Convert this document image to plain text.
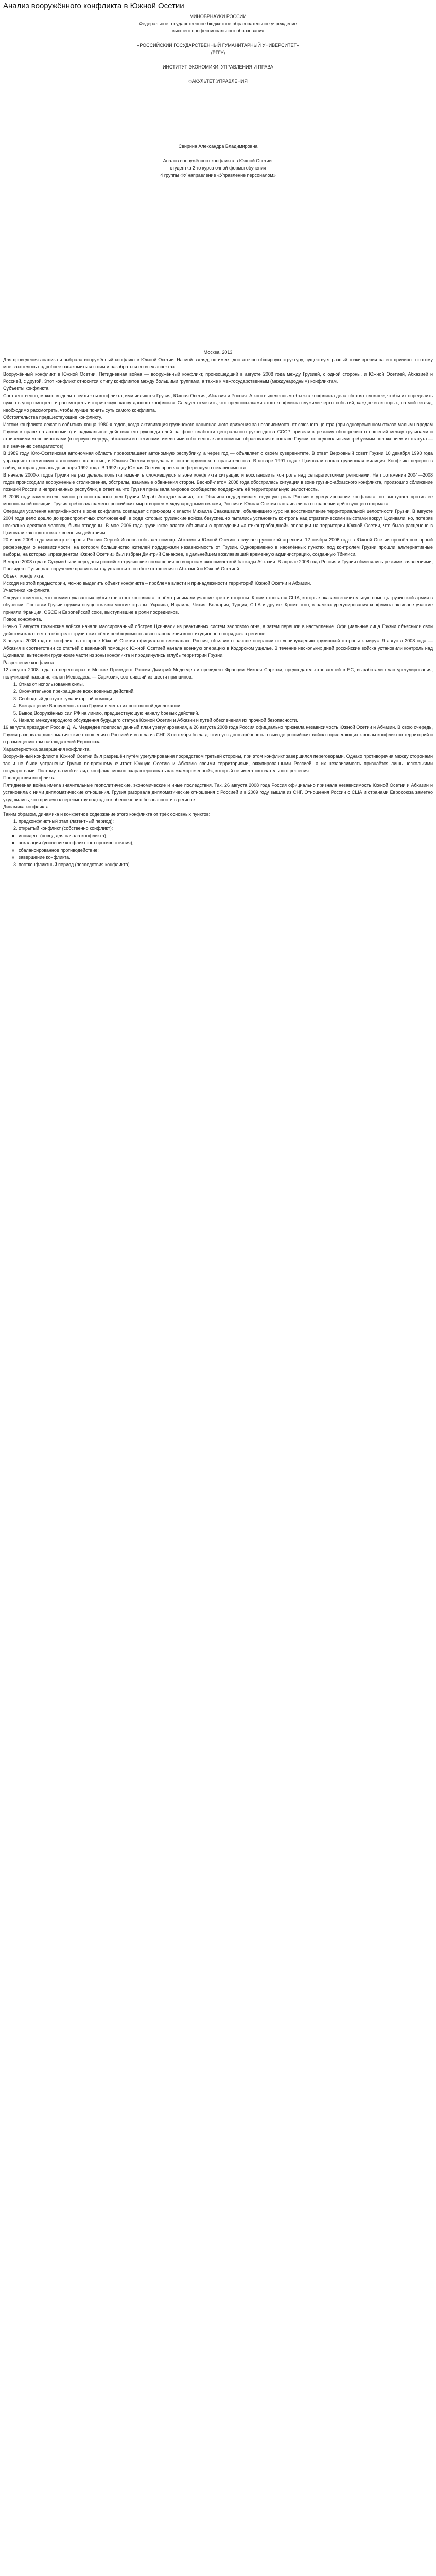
Анализ вооружённого конфликта в Южной Осетии
МИНОБРНАУКИ РОССИИ
Федеральное государственное бюджетное образовательное учреждение
высшего профессионального образования
«РОССИЙСКИЙ ГОСУДАРСТВЕННЫЙ ГУМАНИТАРНЫЙ УНИВЕРСИТЕТ»
(РГГУ)
ИНСТИТУТ ЭКОНОМИКИ, УПРАВЛЕНИЯ И ПРАВА
ФАКУЛЬТЕТ УПРАВЛЕНИЯ
Свирина Александра Владимировна
Анализ вооружённого конфликта в Южной Осетии.
студентка 2-го курса очной формы обучения
4 группы ФУ направление «Управление персоналом»
Москва, 2013

Для проведения анализа я выбрала вооружённый конфликт в Южной Осетии. На мой взгляд, он имеет достаточно обширную структуру, существует разный точки зрения на его причины, поэтому мне захотелось подробнее ознакомиться с ним и разобраться во всех аспектах.

Вооружённый конфликт в Южной Осетии. Петидневная война — вооружённый конфликт, произошедший в августе 2008 года между Грузией, с одной стороны, и Южной Осетией, Абхазией и Россией, с другой. Этот конфликт относится к типу конфликтов между большими группами, а также к межгосударственным (международным) конфликтам.

Субъекты конфликта.

Соответственно, можно выделить субъекты конфликта, ими являются Грузия, Южная Осетия, Абхазия и Россия. А кого выделенным объекта конфликта дела обстоят сложнее, чтобы их определить нужно в упор смотреть и рассмотреть историческую канву данного конфликта. Следует отметить, что предпосылками этого конфликта служили черты событий, каждое из которых, на мой взгляд, необходимо рассмотреть, чтобы лучше понять суть самого конфликта.

Обстоятельства предшествующие конфликту.

Истоки конфликта лежат в событиях конца 1980-х годов, когда активизация грузинского национального движения за независимость от союзного центра (при одновременном отказе малым народам Грузии в праве на автономию) и радикальные действия его руководителей на фоне слабости центрального руководства СССР привели к резкому обострению отношений между грузинами и этническими меньшинствами (в первую очередь, абхазами и осетинами, имевшими собственные автономные образования в составе Грузии, но недовольными требуемым положением их статута — в и значению сепаратистов).

В 1989 году Юго-Осетинская автономная область провозглашает автономную республику, а через год — объявляет о своём суверенитете. В ответ Верховный совет Грузии 10 декабря 1990 года упраздняет осетинскую автономию полностью, и Южная Осетия вернулась в состав грузинского правительства. В январе 1991 года к Цхинвали вошла грузинская милиция. Конфликт перерос в войну, которая длилась до января 1992 года. В 1992 году Южная Осетия провела референдум о независимости.

В начале 2000-х годов Грузия не раз делала попытки изменить сложившуюся в зоне конфликта ситуацию и восстановить контроль над сепаратистскими регионами. На протяжении 2004—2008 годов происходили вооружённые столкновения, обстрелы, взаимные обвинения сторон. Весной-летом 2008 года обострилась ситуация в зоне грузино-абхазского конфликта, произошло сближение позиций России и непризнанных республик, в ответ на что Грузия призывала мировое сообщество поддержать её территориальную целостность.

В 2006 году заместитель министра иностранных дел Грузии Мераб Антадзе заявил, что Тбилиси поддерживает ведущую роль России в урегулировании конфликта, но выступает против её монопольной позиции. Грузия требовала замены российских миротворцев международными силами, Россия и Южная Осетия настаивали на сохранении действующего формата.

Операция усиления напряжённости в зоне конфликта совпадает с приходом к власти Михаила Саакашвили, объявившего курс на восстановление территориальной целостности Грузии. В августе 2004 года дело дошло до кровопролитных столкновений, в ходе которых грузинские войска безуспешно пытались установить контроль над стратегическими высотами вокруг Цхинвали, но, потеряв несколько десятков человек, были отведены. В мае 2006 года грузинское власти объявили о проведении «антиконтрабандной» операции на территории Южной Осетии, что было расценено в Цхинвали как подготовка к военным действиям.

20 июля 2008 года министр обороны России Сергей Иванов побывал помощь Абхазии и Южной Осетии в случае грузинской агрессии. 12 ноября 2006 года в Южной Осетии прошёл повторный референдум о независимости, на котором большинство жителей поддержали независимость от Грузии. Одновременно в населённых пунктах под контролем Грузии прошли альтернативные выборы, на которых «президентом Южной Осетии» был избран Дмитрий Санакоев, в дальнейшем возглавивший временную администрацию, созданную Тбилиси.

В марте 2008 года в Сухуми были переданы российско-грузинские соглашения по вопросам экономической блокады Абхазии. В апреле 2008 года Россия и Грузия обменялись резкими заявлениями; Президент Путин дал поручение правительству установить особые отношения с Абхазией и Южной Осетией.

Объект конфликта.

Исходя из этой предыстории, можно выделить объект конфликта – проблема власти и принадлежности территорий Южной Осетии и Абхазии.

Участники конфликта.

Следует отметить, что помимо указанных субъектов этого конфликта, в нём принимали участие третьи стороны. К ним относятся США, которые оказали значительную помощь грузинской армии в обучении. Поставки Грузии оружия осуществляли многие страны: Украина, Израиль, Чехия, Болгария, Турция, США и другие. Кроме того, в рамках урегулирования конфликта активное участие приняли Франция, ОБСЕ и Европейский союз, выступившие в роли посредников.

Повод конфликта.

Ночью 7 августа грузинские войска начали массированный обстрел Цхинвали из реактивных систем залпового огня, а затем перешли в наступление. Официальные лица Грузии объяснили свои действия как ответ на обстрелы грузинских сёл и необходимость «восстановления конституционного порядка» в регионе.

8 августа 2008 года в конфликт на стороне Южной Осетии официально вмешалась Россия, объявив о начале операции по «принуждению грузинской стороны к миру». 9 августа 2008 года — Абхазия в соответствии со статьёй о взаимной помощи с Южной Осетией начала военную операцию в Кодорском ущелье. В течение нескольких дней российские войска установили контроль над Цхинвали, вытеснили грузинские части из зоны конфликта и продвинулись вглубь территории Грузии.

Разрешение конфликта.

12 августа 2008 года на переговорах в Москве Президент России Дмитрий Медведев и президент Франции Николя Саркози, председательствовавшей в ЕС, выработали план урегулирования, получивший название «план Медведева — Саркози», состоявший из шести принципов:

1. Отказ от использования силы.
2. Окончательное прекращение всех военных действий.
3. Свободный доступ к гуманитарной помощи.
4. Возвращение Вооружённых сил Грузии в места их постоянной дислокации.
5. Вывод Вооружённых сил РФ на линию, предшествующую началу боевых действий.
6. Начало международного обсуждения будущего статуса Южной Осетии и Абхазии и путей обеспечения их прочной безопасности.

16 августа президент России Д. А. Медведев подписал данный план урегулирования, а 26 августа 2008 года Россия официально признала независимость Южной Осетии и Абхазии. В свою очередь, Грузия разорвала дипломатические отношения с Россией и вышла из СНГ. 8 сентября была достигнута договорённость о выводе российских войск с прилегающих к зонам конфликтов территорий и о размещении там наблюдателей Евросоюза.

Характеристика завершения конфликта.

Вооружённый конфликт в Южной Осетии был разрешён путём урегулирования посредством третьей стороны, при этом конфликт завершился переговорами. Однако противоречия между сторонами так и не были устранены: Грузия по-прежнему считает Южную Осетию и Абхазию своими территориями, оккупированными Россией, а их независимость признаётся лишь несколькими государствами. Поэтому, на мой взгляд, конфликт можно охарактеризовать как «замороженный», который не имеет окончательного решения.

Последствия конфликта.

Пятидневная война имела значительные геополитические, экономические и иные последствия. Так, 26 августа 2008 года Россия официально признала независимость Южной Осетии и Абхазии и установила с ними дипломатические отношения. Грузия разорвала дипломатические отношения с Россией и в 2009 году вышла из СНГ. Отношения России с США и странами Евросоюза заметно ухудшились, что привело к пересмотру подходов к обеспечению безопасности в регионе.

Динамика конфликта.

Таким образом, динамика и конкретное содержание этого конфликта от трёх основных пунктов:

1. предконфликтный этап (латентный период);
2. открытый конфликт (собственно конфликт):
◦ инцидент (повод для начала конфликта);
◦ эскалация (усиление конфликтного противостояния);
◦ сбалансированное противодействие;
◦ завершение конфликта.
3. постконфликтный период (последствия конфликта).
